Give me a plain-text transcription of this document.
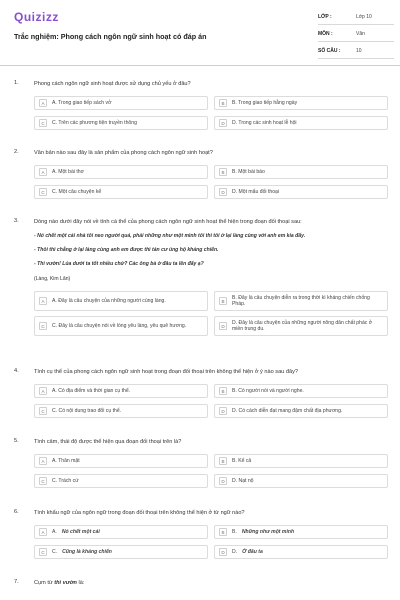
Quizizz
Trắc nghiệm: Phong cách ngôn ngữ sinh hoạt có đáp án
LỚP :	Lớp 10
MÔN :	Văn
SỐ CÂU :	10
1.	Phong cách ngôn ngữ sinh hoạt được sử dụng chủ yếu ở đâu?
A	A. Trong giao tiếp sách vở	B	B. Trong giao tiếp hằng ngày
C	C. Trên các phương tiện truyền thông	D	D. Trong các sinh hoạt lễ hội
2.	Văn bản nào sau đây là sản phẩm của phong cách ngôn ngữ sinh hoạt?
A	A. Một bài thơ	B	B. Một bài báo
C	C. Một câu chuyện kể	D	D. Một mẩu đối thoại
3.	Dòng nào dưới đây nói về tính cá thể của phong cách ngôn ngữ sinh hoạt thể hiện trong đoạn đối thoại sau:
- Nó chết một cái nhà tôi neo người quá, phải những như một mình tôi thì tôi ở lại làng cùng với anh em kia đấy.
- Thôi thì chẳng ở lại làng cùng anh em được thì tản cư ủng hộ kháng chiến.
- Thì vườn! Lúa dưới ta tốt nhiều chứ? Các ông bà ở đâu ta lên đấy ạ?
(Làng, Kim Lân)
A	A. Đây là câu chuyện của những người cùng làng.	B
B. Đây là câu chuyện diễn ra trong thời kì kháng chiến chống Pháp.
C	C. Đây là câu chuyện nói về lòng yêu làng, yêu quê hương.	D
D. Đây là câu chuyện của những người nông dân chất phác ở miền trung du.
4.	Tính cụ thể của phong cách ngôn ngữ sinh hoạt trong đoạn đối thoại trên không thể hiện ở ý nào sau đây?
A	A. Có địa điểm và thời gian cụ thể.	B	B. Có người nói và người nghe.
C	C. Có nội dung trao đổi cụ thể.	D	D. Có cách diễn đạt mang đậm chất địa phương.
5.	Tình cảm, thái độ được thể hiện qua đoạn đối thoại trên là?
A	A. Thân mật	B	B. Kể cả
C	C. Trách cứ	D	D. Nạt nộ
6.	Tính khẩu ngữ của ngôn ngữ trong đoạn đối thoại trên không thể hiện ở từ ngữ nào?
A	A. Nó chết một cái	B	B. Những như một mình
C	C. Cũng là kháng chiến	D	D. Ở đâu ta
7.	Cụm từ thì vườn là:
